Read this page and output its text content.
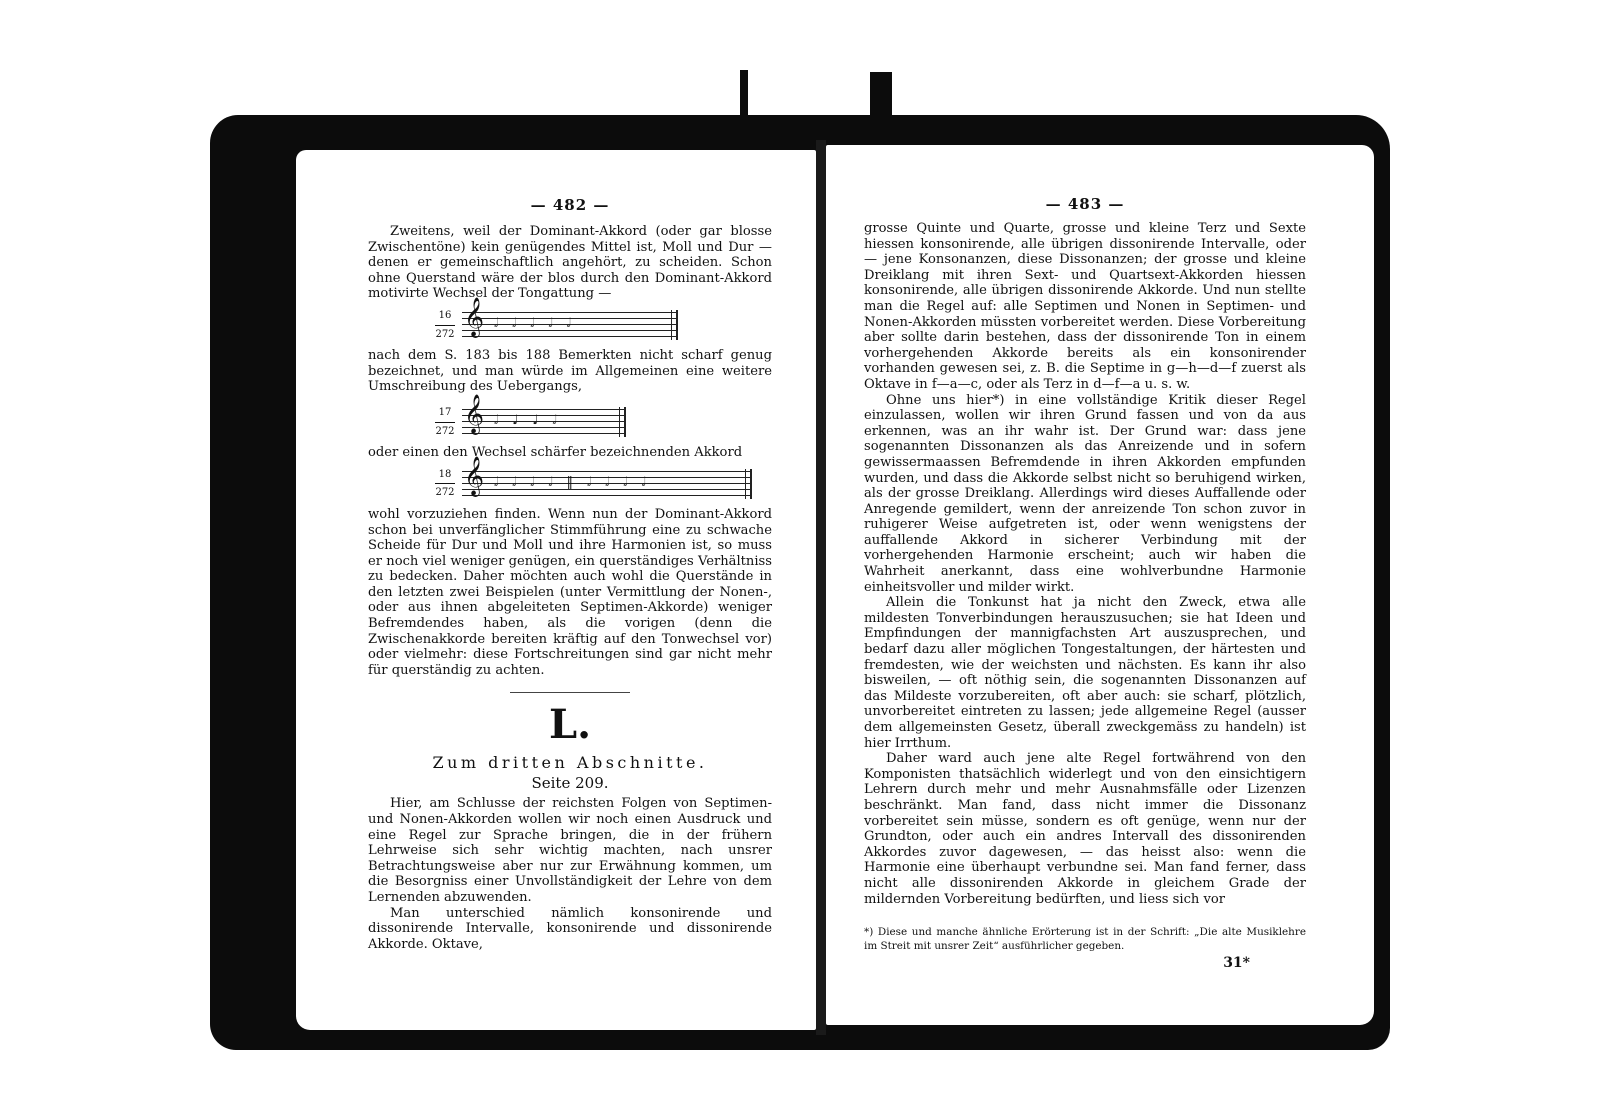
— 482 —

Zweitens, weil der Dominant-Akkord (oder gar blosse Zwischentöne) kein genügendes Mittel ist, Moll und Dur — denen er gemeinschaftlich angehört, zu scheiden. Schon ohne Querstand wäre der blos durch den Dominant-Akkord motivirte Wechsel der Tongattung —

16
272 𝄞 𝅗𝅥𝅗𝅥𝅗𝅥𝅗𝅥𝅗𝅥

nach dem S. 183 bis 188 Bemerkten nicht scharf genug bezeichnet, und man würde im Allgemeinen eine weitere Umschreibung des Uebergangs,

17
272 𝄞 𝅗𝅥♩♩𝅗𝅥

oder einen den Wechsel schärfer bezeichnenden Akkord

18
272 𝄞 𝅗𝅥𝅗𝅥𝅗𝅥𝅗𝅥‖𝅗𝅥𝅗𝅥𝅗𝅥𝅗𝅥

wohl vorzuziehen finden. Wenn nun der Dominant-Akkord schon bei unverfänglicher Stimmführung eine zu schwache Scheide für Dur und Moll und ihre Harmonien ist, so muss er noch viel weniger genügen, ein querständiges Verhältniss zu bedecken. Daher möchten auch wohl die Querstände in den letzten zwei Beispielen (unter Vermittlung der Nonen-, oder aus ihnen abgeleiteten Septimen-Akkorde) weniger Befremdendes haben, als die vorigen (denn die Zwischenakkorde bereiten kräftig auf den Tonwechsel vor) oder vielmehr: diese Fortschreitungen sind gar nicht mehr für querständig zu achten.

L.
Zum dritten Abschnitte.
Seite 209.

Hier, am Schlusse der reichsten Folgen von Septimen- und Nonen-Akkorden wollen wir noch einen Ausdruck und eine Regel zur Sprache bringen, die in der frühern Lehrweise sich sehr wichtig machten, nach unsrer Betrachtungsweise aber nur zur Erwähnung kommen, um die Besorgniss einer Unvollständigkeit der Lehre von dem Lernenden abzuwenden.

Man unterschied nämlich konsonirende und dissonirende Intervalle, konsonirende und dissonirende Akkorde. Oktave,

— 483 —

grosse Quinte und Quarte, grosse und kleine Terz und Sexte hiessen konsonirende, alle übrigen dissonirende Intervalle, oder — jene Konsonanzen, diese Dissonanzen; der grosse und kleine Dreiklang mit ihren Sext- und Quartsext-Akkorden hiessen konsonirende, alle übrigen dissonirende Akkorde. Und nun stellte man die Regel auf: alle Septimen und Nonen in Septimen- und Nonen-Akkorden müssten vorbereitet werden. Diese Vorbereitung aber sollte darin bestehen, dass der dissonirende Ton in einem vorhergehenden Akkorde bereits als ein konsonirender vorhanden gewesen sei, z. B. die Septime in g—h—d—f zuerst als Oktave in f—a—c, oder als Terz in d—f—a u. s. w.

Ohne uns hier*) in eine vollständige Kritik dieser Regel einzulassen, wollen wir ihren Grund fassen und von da aus erkennen, was an ihr wahr ist. Der Grund war: dass jene sogenannten Dissonanzen als das Anreizende und in sofern gewissermaassen Befremdende in ihren Akkorden empfunden wurden, und dass die Akkorde selbst nicht so beruhigend wirken, als der grosse Dreiklang. Allerdings wird dieses Auffallende oder Anregende gemildert, wenn der anreizende Ton schon zuvor in ruhigerer Weise aufgetreten ist, oder wenn wenigstens der auffallende Akkord in sicherer Verbindung mit der vorhergehenden Harmonie erscheint; auch wir haben die Wahrheit anerkannt, dass eine wohlverbundne Harmonie einheitsvoller und milder wirkt.

Allein die Tonkunst hat ja nicht den Zweck, etwa alle mildesten Tonverbindungen herauszusuchen; sie hat Ideen und Empfindungen der mannigfachsten Art auszusprechen, und bedarf dazu aller möglichen Tongestaltungen, der härtesten und fremdesten, wie der weichsten und nächsten. Es kann ihr also bisweilen, — oft nöthig sein, die sogenannten Dissonanzen auf das Mildeste vorzubereiten, oft aber auch: sie scharf, plötzlich, unvorbereitet eintreten zu lassen; jede allgemeine Regel (ausser dem allgemeinsten Gesetz, überall zweckgemäss zu handeln) ist hier Irrthum.

Daher ward auch jene alte Regel fortwährend von den Komponisten thatsächlich widerlegt und von den einsichtigern Lehrern durch mehr und mehr Ausnahmsfälle oder Lizenzen beschränkt. Man fand, dass nicht immer die Dissonanz vorbereitet sein müsse, sondern es oft genüge, wenn nur der Grundton, oder auch ein andres Intervall des dissonirenden Akkordes zuvor dagewesen, — das heisst also: wenn die Harmonie eine überhaupt verbundne sei. Man fand ferner, dass nicht alle dissonirenden Akkorde in gleichem Grade der mildernden Vorbereitung bedürften, und liess sich vor

*) Diese und manche ähnliche Erörterung ist in der Schrift: „Die alte Musiklehre im Streit mit unsrer Zeit“ ausführlicher gegeben.
31*
